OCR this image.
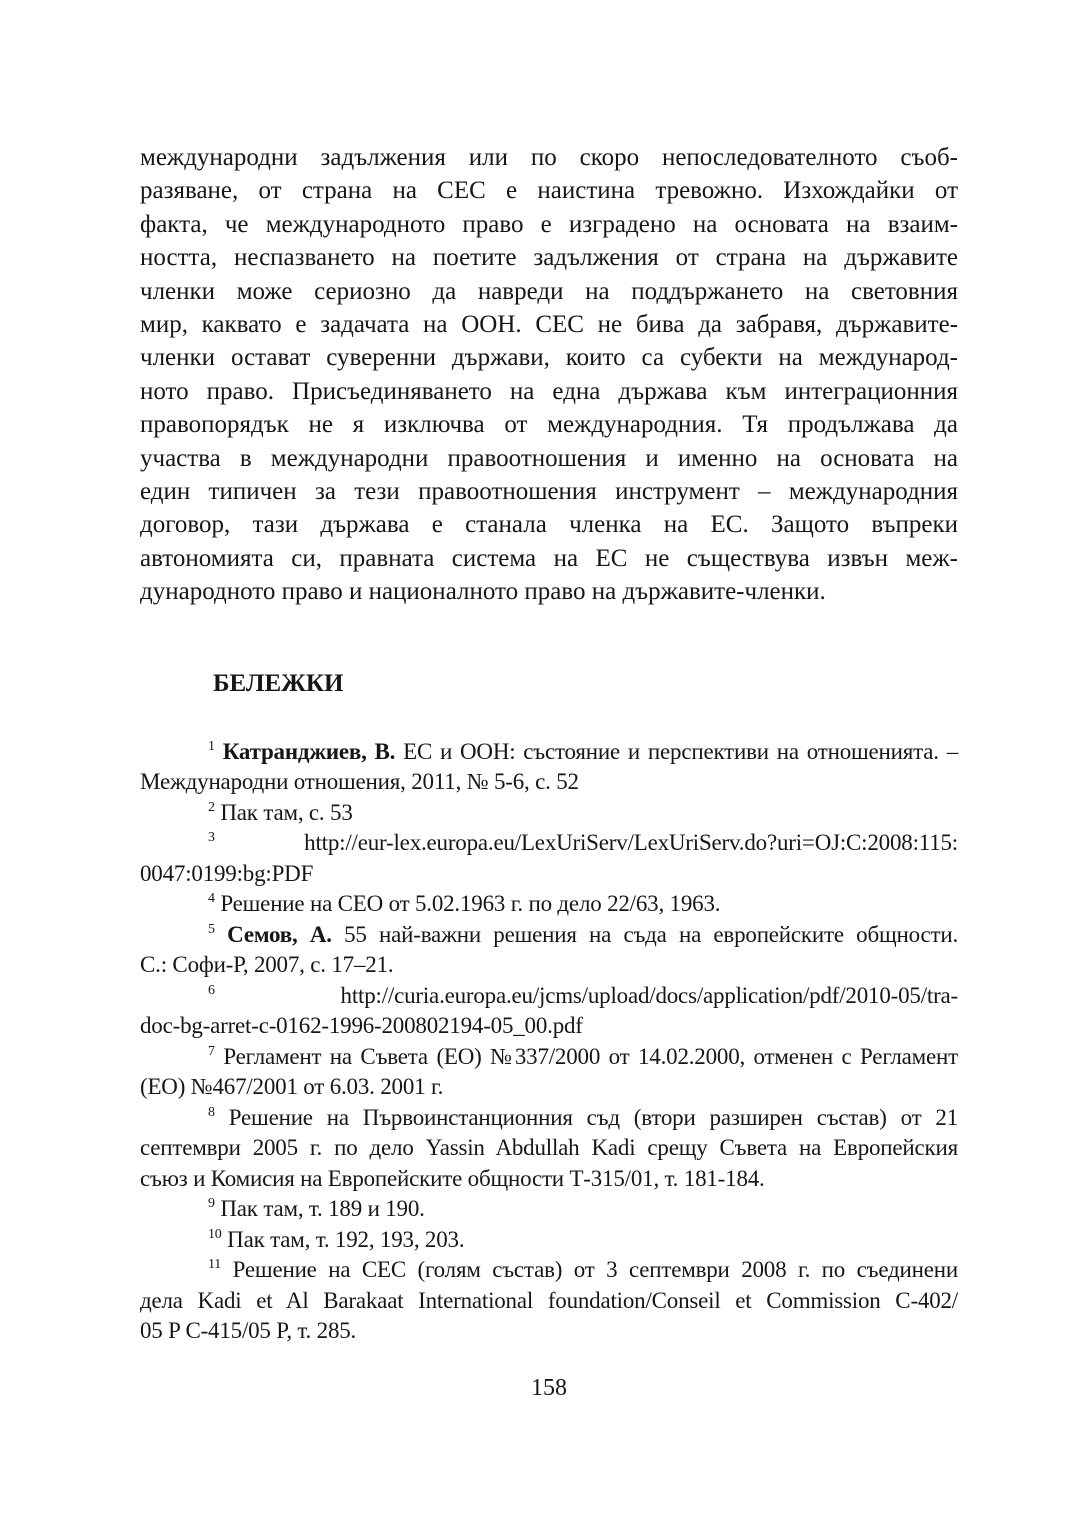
международни задължения или по скоро непоследователното съоб-
разяване, от страна на СЕС е наистина тревожно. Изхождайки от
факта, че международното право е изградено на основата на взаим-
ността, неспазването на поетите задължения от страна на държавите
членки може сериозно да навреди на поддържането на световния
мир, каквато е задачата на ООН. СЕС не бива да забравя, държавите-
членки остават суверенни държави, които са субекти на международ-
ното право. Присъединяването на една държава към интеграционния
правопорядък не я изключва от международния. Тя продължава да
участва в международни правоотношения и именно на основата на
един типичен за тези правоотношения инструмент – международния
договор, тази държава е станала членка на ЕС. Защото въпреки
автономията си, правната система на ЕС не съществува извън меж-
дународното право и националното право на държавите-членки.
БЕЛЕЖКИ
$^1$ Катранджиев, В. ЕС и ООН: състояние и перспективи на отношенията. –
Международни отношения, 2011, № 5-6, с. 52
$^2$ Пак там, с. 53
$^3$	http://eur-lex.europa.eu/LexUriServ/LexUriServ.do?uri=OJ:C:2008:115:
0047:0199:bg:PDF
$^4$ Решение на СЕО от 5.02.1963 г. по дело 22/63, 1963.
$^5$ Семов, А. 55 най-важни решения на съда на европейските общности.
С.: Софи-Р, 2007, с. 17–21.
$^6$	http://curia.europa.eu/jcms/upload/docs/application/pdf/2010-05/tra-
doc-bg-arret-c-0162-1996-200802194-05_00.pdf
$^7$ Регламент на Съвета (ЕО) №337/2000 от 14.02.2000, отменен с Регламент
(ЕО) №467/2001 от 6.03. 2001 г.
$^8$ Решение на Първоинстанционния съд (втори разширен състав) от 21
септември 2005 г. по дело Yassin Abdullah Kadi срещу Съвета на Европейския
съюз и Комисия на Европейските общности Т-315/01, т. 181-184.
$^9$ Пак там, т. 189 и 190.
$^{10}$ Пак там, т. 192, 193, 203.
$^{11}$ Решение на СЕС (голям състав) от 3 септември 2008 г. по съединени
дела Kadi et Al Barakaat International foundation/Conseil et Commission C-402/
05 P С-415/05 P, т. 285.
158
